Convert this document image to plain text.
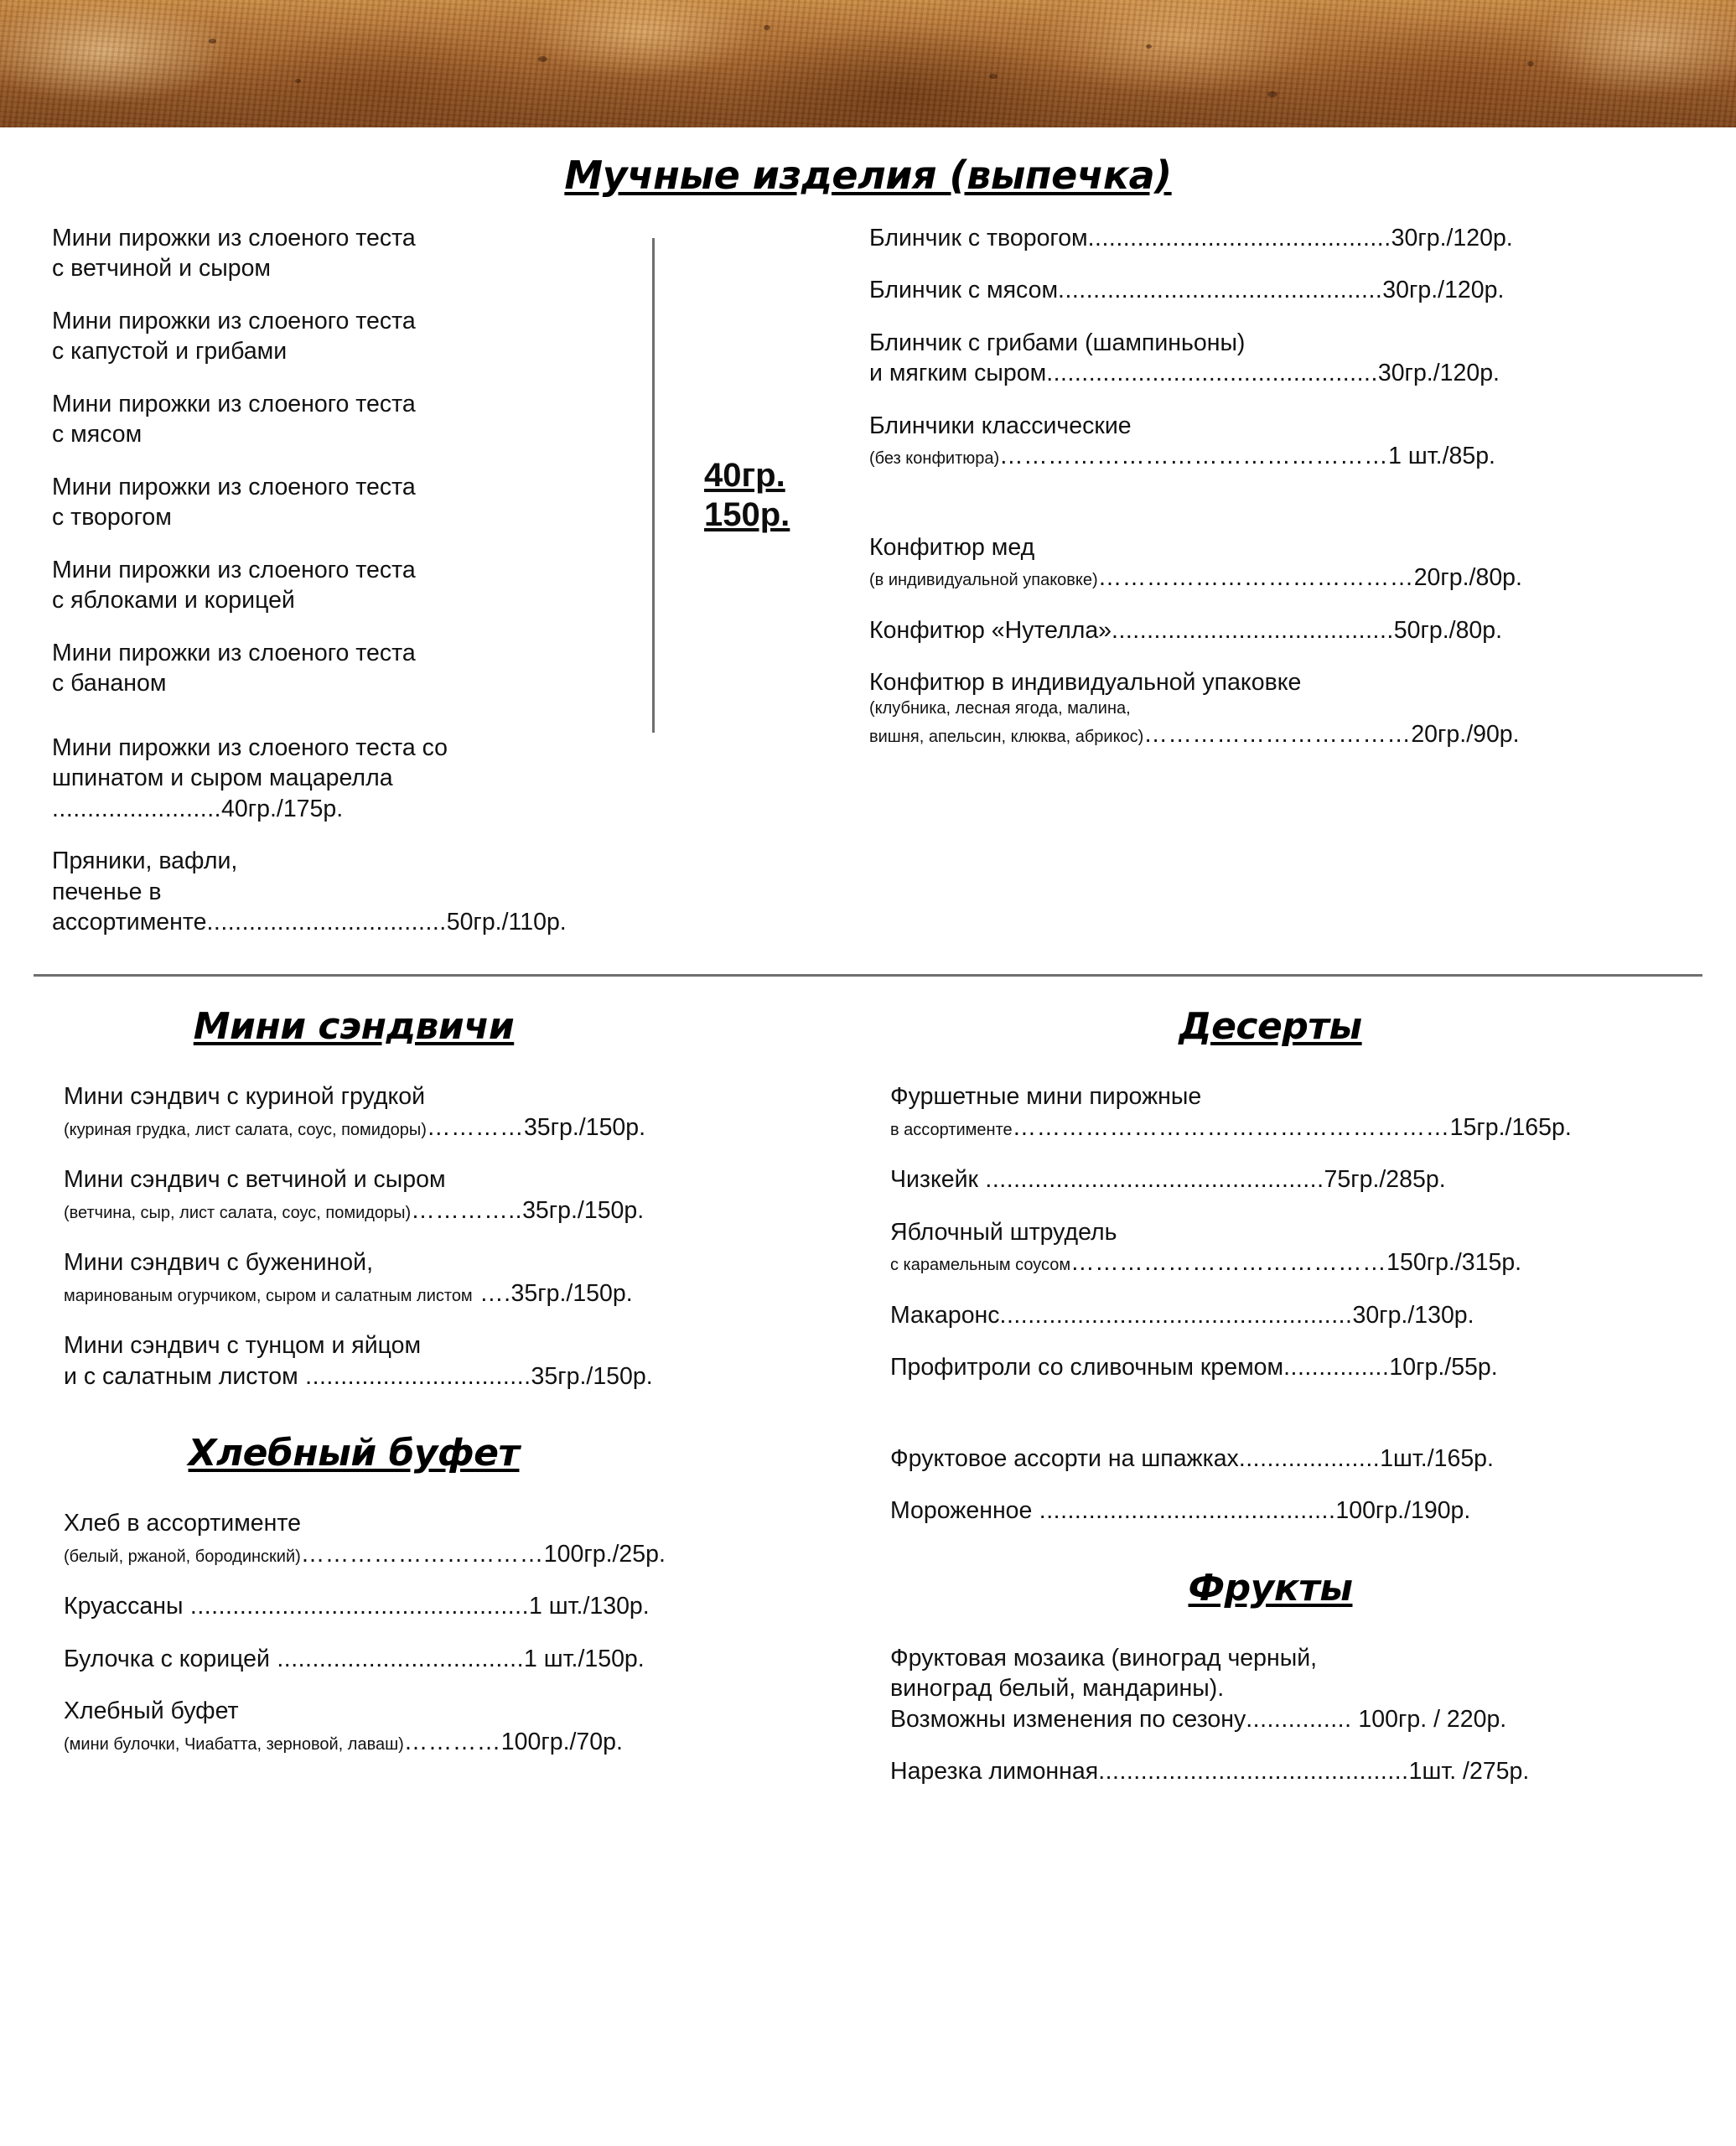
Мучные изделия (выпечка)
Мини пирожки из слоеного теста
с ветчиной и сыром
Мини пирожки из слоеного теста
с капустой и грибами
Мини пирожки из слоеного теста
с мясом
Мини пирожки из слоеного теста
с творогом
Мини пирожки из слоеного теста
с яблоками и корицей
Мини пирожки из слоеного теста
с бананом
Мини пирожки из слоеного теста со
шпинатом и сыром мацарелла ........................40гр./175р.
Пряники, вафли,
печенье в ассортименте..................................50гр./110р.
40гр.
150р.
Блинчик с творогом...........................................30гр./120р.
Блинчик с мясом..............................................30гр./120р.
Блинчик с грибами (шампиньоны)
и мягким сыром...............................................30гр./120р.
Блинчики классические
(без конфитюра)…………………………………………1 шт./85р.
Конфитюр мед
(в индивидуальной упаковке)…………………………………20гр./80р.
Конфитюр «Нутелла»........................................50гр./80р.
Конфитюр в индивидуальной упаковке
(клубника, лесная ягода, малина,
вишня, апельсин, клюква, абрикос)……………………………20гр./90р.
Мини сэндвичи
Мини сэндвич с куриной грудкой
(куриная грудка, лист салата, соус, помидоры)…………35гр./150р.
Мини сэндвич с ветчиной и сыром
(ветчина, сыр, лист салата, соус, помидоры)…………..35гр./150р.
Мини сэндвич с бужениной,
маринованым огурчиком, сыром и салатным листом ….35гр./150р.
Мини сэндвич с тунцом и яйцом
и с салатным листом ................................35гр./150р.
Хлебный буфет
Хлеб в ассортименте
(белый, ржаной, бородинский)…………………………100гр./25р.
Круассаны ................................................1 шт./130р.
Булочка с корицей ...................................1 шт./150р.
Хлебный буфет
(мини булочки, Чиабатта, зерновой, лаваш)…………100гр./70р.
Десерты
Фуршетные мини пирожные
в ассортименте………………………………………………15гр./165р.
Чизкейк ................................................75гр./285р.
Яблочный штрудель
с карамельным соусом…………………………………150гр./315р.
Макаронс..................................................30гр./130р.
Профитроли со сливочным кремом...............10гр./55р.
Фруктовое ассорти на шпажках....................1шт./165р.
Мороженное ..........................................100гр./190р.
Фрукты
Фруктовая мозаика (виноград черный,
виноград белый, мандарины).
Возможны изменения по сезону............... 100гр. / 220р.
Нарезка лимонная............................................1шт. /275р.
